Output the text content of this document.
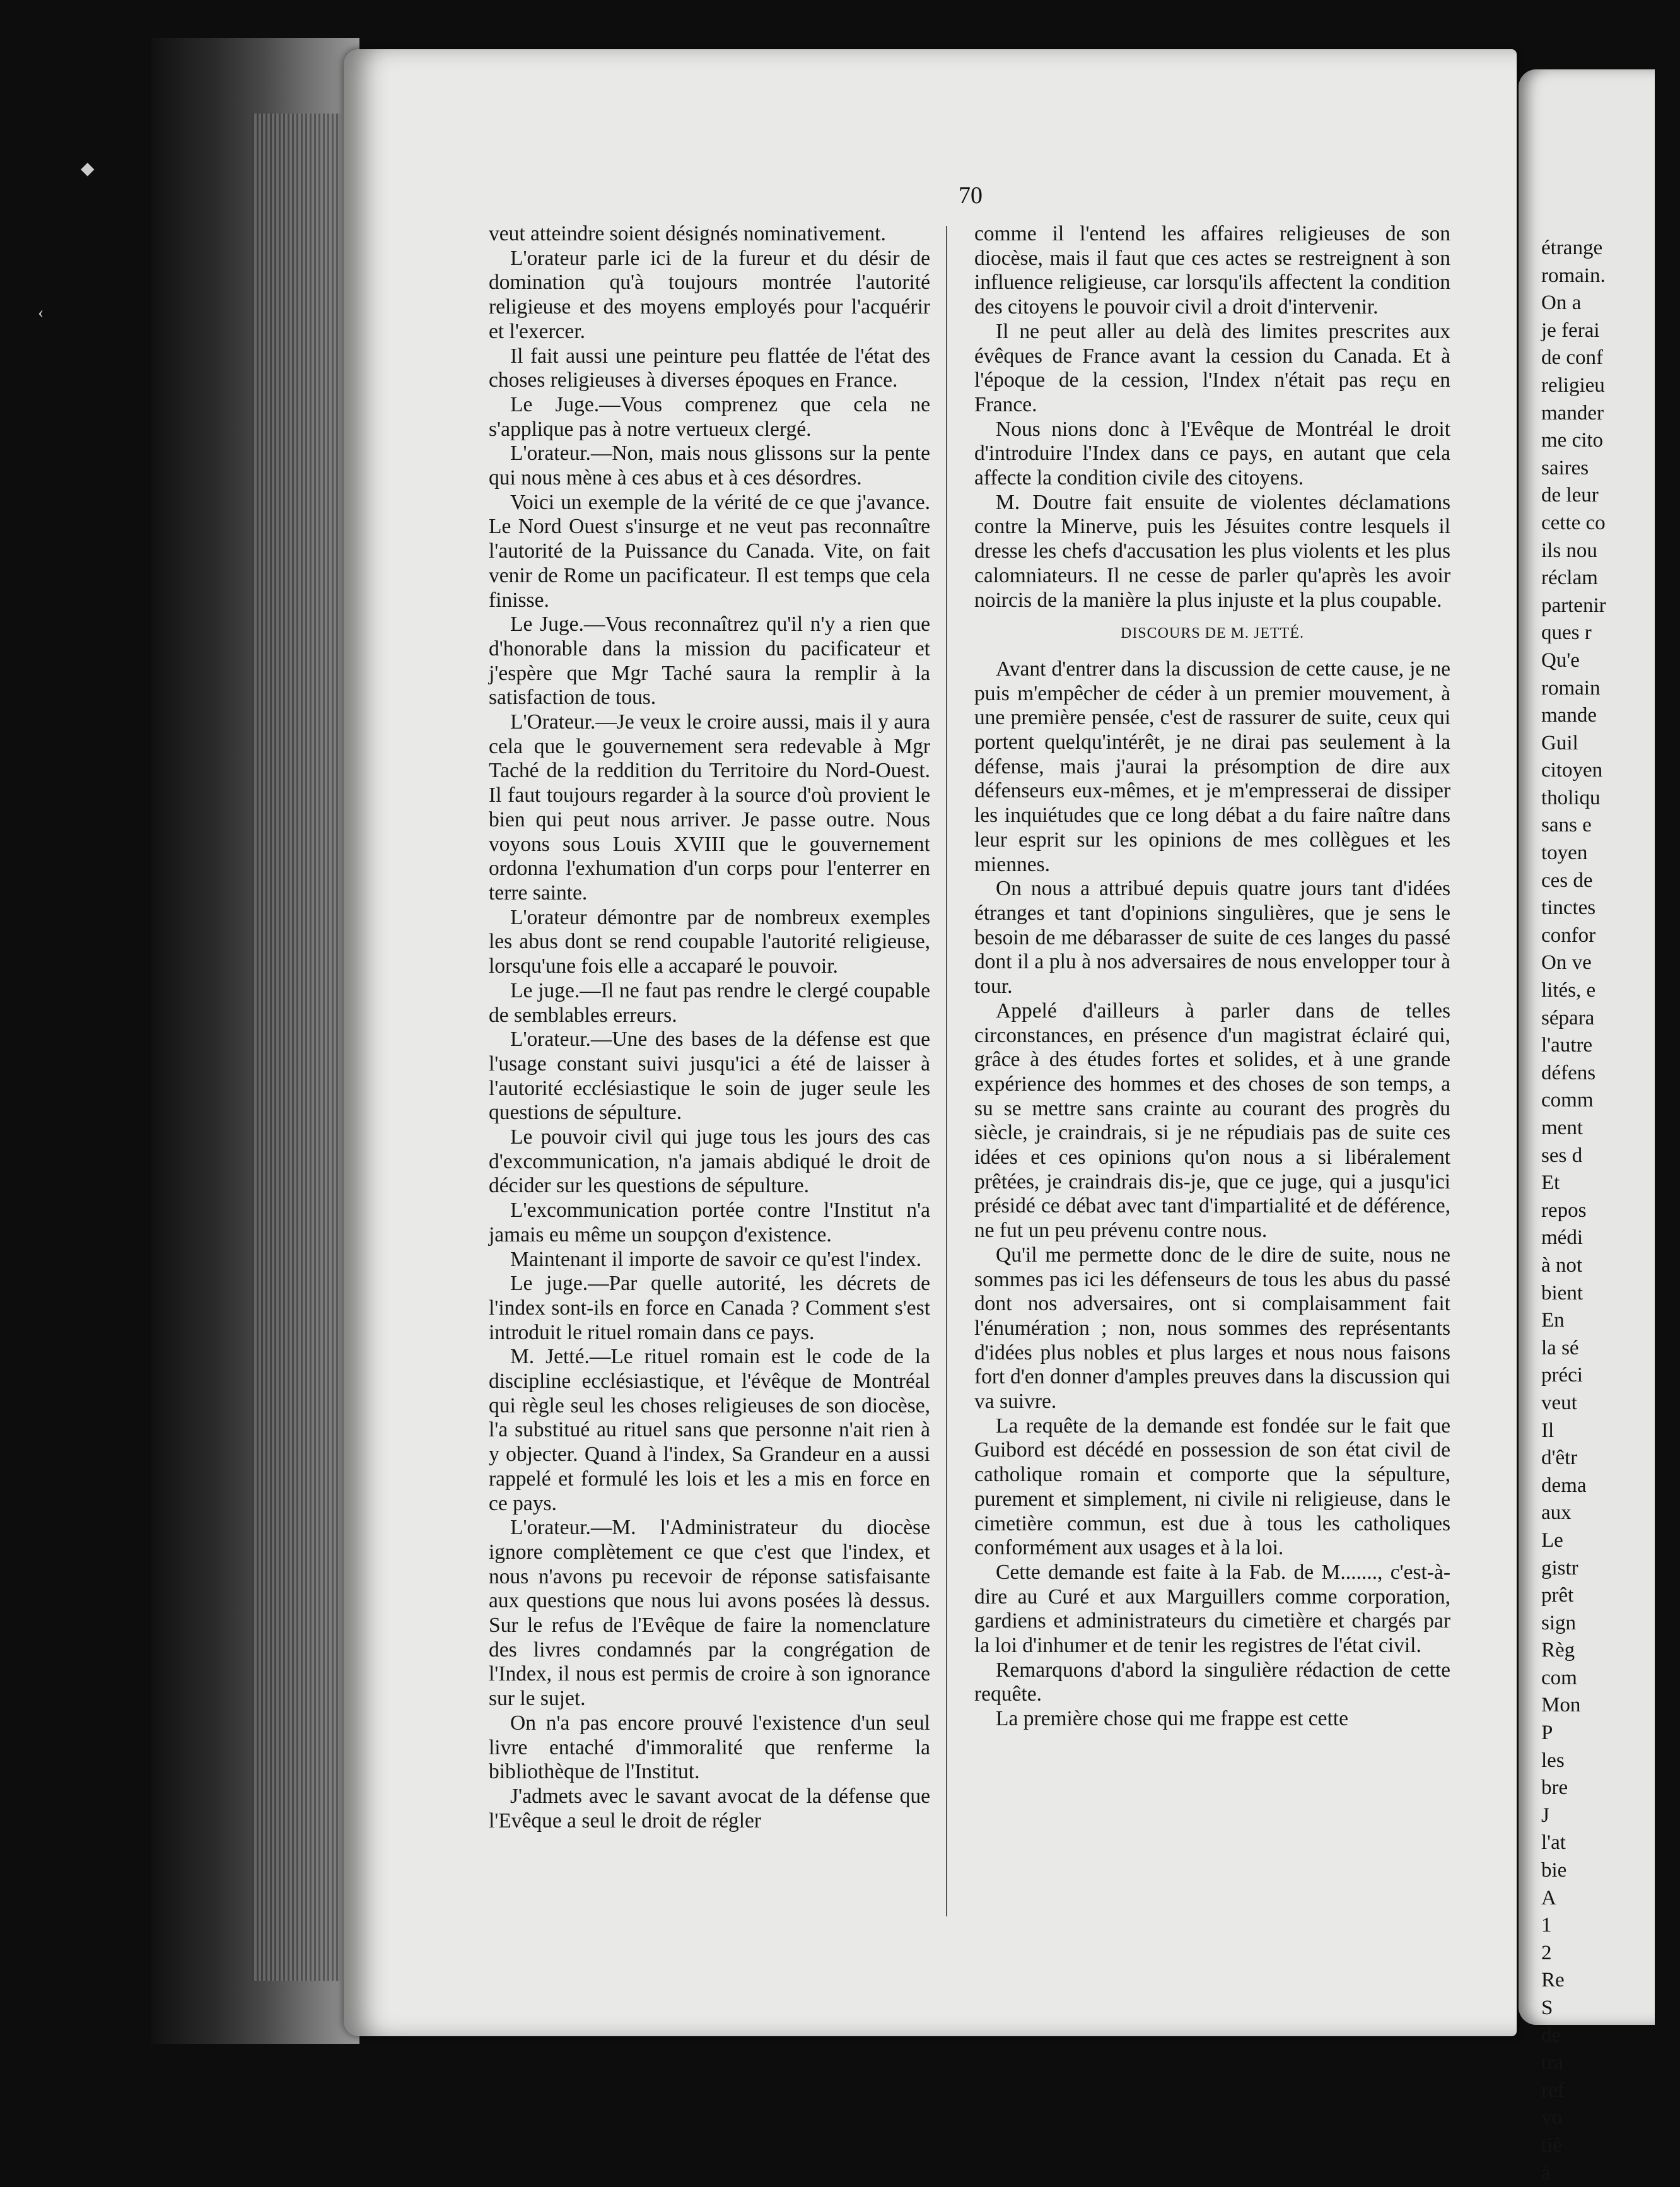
étrange
romain.
On a
je ferai
de conf
religieu
mander
me cito
saires
de leur
cette co
ils nou
réclam
partenir
ques r
Qu'e
romain
mande
Guil
citoyen
tholiqu
sans e
toyen
ces de
tinctes
confor
On ve
lités, e
sépara
l'autre
défens
comm
ment
ses d
Et
repos
médi
à not
bient
En
la sé
préci
veut
Il
d'êtr
dema
aux
Le
gistr
prêt
sign
Règ
com
Mon
P
les
bre
J
l'at
bie
A
1
2
Re
S
de
tra
ref
vo
tiè
à
70

veut atteindre soient désignés nominativement.

L'orateur parle ici de la fureur et du désir de domination qu'à toujours montrée l'autorité religieuse et des moyens employés pour l'acquérir et l'exercer.

Il fait aussi une peinture peu flattée de l'état des choses religieuses à diverses époques en France.

Le Juge.—Vous comprenez que cela ne s'applique pas à notre vertueux clergé.

L'orateur.—Non, mais nous glissons sur la pente qui nous mène à ces abus et à ces désordres.

Voici un exemple de la vérité de ce que j'avance. Le Nord Ouest s'insurge et ne veut pas reconnaître l'autorité de la Puissance du Canada. Vite, on fait venir de Rome un pacificateur. Il est temps que cela finisse.

Le Juge.—Vous reconnaîtrez qu'il n'y a rien que d'honorable dans la mission du pacificateur et j'espère que Mgr Taché saura la remplir à la satisfaction de tous.

L'Orateur.—Je veux le croire aussi, mais il y aura cela que le gouvernement sera redevable à Mgr Taché de la reddition du Territoire du Nord-Ouest. Il faut toujours regarder à la source d'où provient le bien qui peut nous arriver. Je passe outre. Nous voyons sous Louis XVIII que le gouvernement ordonna l'exhumation d'un corps pour l'enterrer en terre sainte.

L'orateur démontre par de nombreux exemples les abus dont se rend coupable l'autorité religieuse, lorsqu'une fois elle a accaparé le pouvoir.

Le juge.—Il ne faut pas rendre le clergé coupable de semblables erreurs.

L'orateur.—Une des bases de la défense est que l'usage constant suivi jusqu'ici a été de laisser à l'autorité ecclésiastique le soin de juger seule les questions de sépulture.

Le pouvoir civil qui juge tous les jours des cas d'excommunication, n'a jamais abdiqué le droit de décider sur les questions de sépulture.

L'excommunication portée contre l'Institut n'a jamais eu même un soupçon d'existence.

Maintenant il importe de savoir ce qu'est l'index.

Le juge.—Par quelle autorité, les décrets de l'index sont-ils en force en Canada ? Comment s'est introduit le rituel romain dans ce pays.

M. Jetté.—Le rituel romain est le code de la discipline ecclésiastique, et l'évêque de Montréal qui règle seul les choses religieuses de son diocèse, l'a substitué au rituel sans que personne n'ait rien à y objecter. Quand à l'index, Sa Grandeur en a aussi rappelé et formulé les lois et les a mis en force en ce pays.

L'orateur.—M. l'Administrateur du diocèse ignore complètement ce que c'est que l'index, et nous n'avons pu recevoir de réponse satisfaisante aux questions que nous lui avons posées là dessus. Sur le refus de l'Evêque de faire la nomenclature des livres condamnés par la congrégation de l'Index, il nous est permis de croire à son ignorance sur le sujet.

On n'a pas encore prouvé l'existence d'un seul livre entaché d'immoralité que renferme la bibliothèque de l'Institut.

J'admets avec le savant avocat de la défense que l'Evêque a seul le droit de régler

comme il l'entend les affaires religieuses de son diocèse, mais il faut que ces actes se restreignent à son influence religieuse, car lorsqu'ils affectent la condition des citoyens le pouvoir civil a droit d'intervenir.

Il ne peut aller au delà des limites prescrites aux évêques de France avant la cession du Canada. Et à l'époque de la cession, l'Index n'était pas reçu en France.

Nous nions donc à l'Evêque de Montréal le droit d'introduire l'Index dans ce pays, en autant que cela affecte la condition civile des citoyens.

M. Doutre fait ensuite de violentes déclamations contre la Minerve, puis les Jésuites contre lesquels il dresse les chefs d'accusation les plus violents et les plus calomniateurs. Il ne cesse de parler qu'après les avoir noircis de la manière la plus injuste et la plus coupable.

DISCOURS DE M. JETTÉ.

Avant d'entrer dans la discussion de cette cause, je ne puis m'empêcher de céder à un premier mouvement, à une première pensée, c'est de rassurer de suite, ceux qui portent quelqu'intérêt, je ne dirai pas seulement à la défense, mais j'aurai la présomption de dire aux défenseurs eux-mêmes, et je m'empresserai de dissiper les inquiétudes que ce long débat a du faire naître dans leur esprit sur les opinions de mes collègues et les miennes.

On nous a attribué depuis quatre jours tant d'idées étranges et tant d'opinions singulières, que je sens le besoin de me débarasser de suite de ces langes du passé dont il a plu à nos adversaires de nous envelopper tour à tour.

Appelé d'ailleurs à parler dans de telles circonstances, en présence d'un magistrat éclairé qui, grâce à des études fortes et solides, et à une grande expérience des hommes et des choses de son temps, a su se mettre sans crainte au courant des progrès du siècle, je craindrais, si je ne répudiais pas de suite ces idées et ces opinions qu'on nous a si libéralement prêtées, je craindrais dis-je, que ce juge, qui a jusqu'ici présidé ce débat avec tant d'impartialité et de déférence, ne fut un peu prévenu contre nous.

Qu'il me permette donc de le dire de suite, nous ne sommes pas ici les défenseurs de tous les abus du passé dont nos adversaires, ont si complaisamment fait l'énumération ; non, nous sommes des représentants d'idées plus nobles et plus larges et nous nous faisons fort d'en donner d'amples preuves dans la discussion qui va suivre.

La requête de la demande est fondée sur le fait que Guibord est décédé en possession de son état civil de catholique romain et comporte que la sépulture, purement et simplement, ni civile ni religieuse, dans le cimetière commun, est due à tous les catholiques conformément aux usages et à la loi.

Cette demande est faite à la Fab. de M......., c'est-à-dire au Curé et aux Marguillers comme corporation, gardiens et administrateurs du cimetière et chargés par la loi d'inhumer et de tenir les registres de l'état civil.

Remarquons d'abord la singulière rédaction de cette requête.

La première chose qui me frappe est cette

◆
‹
